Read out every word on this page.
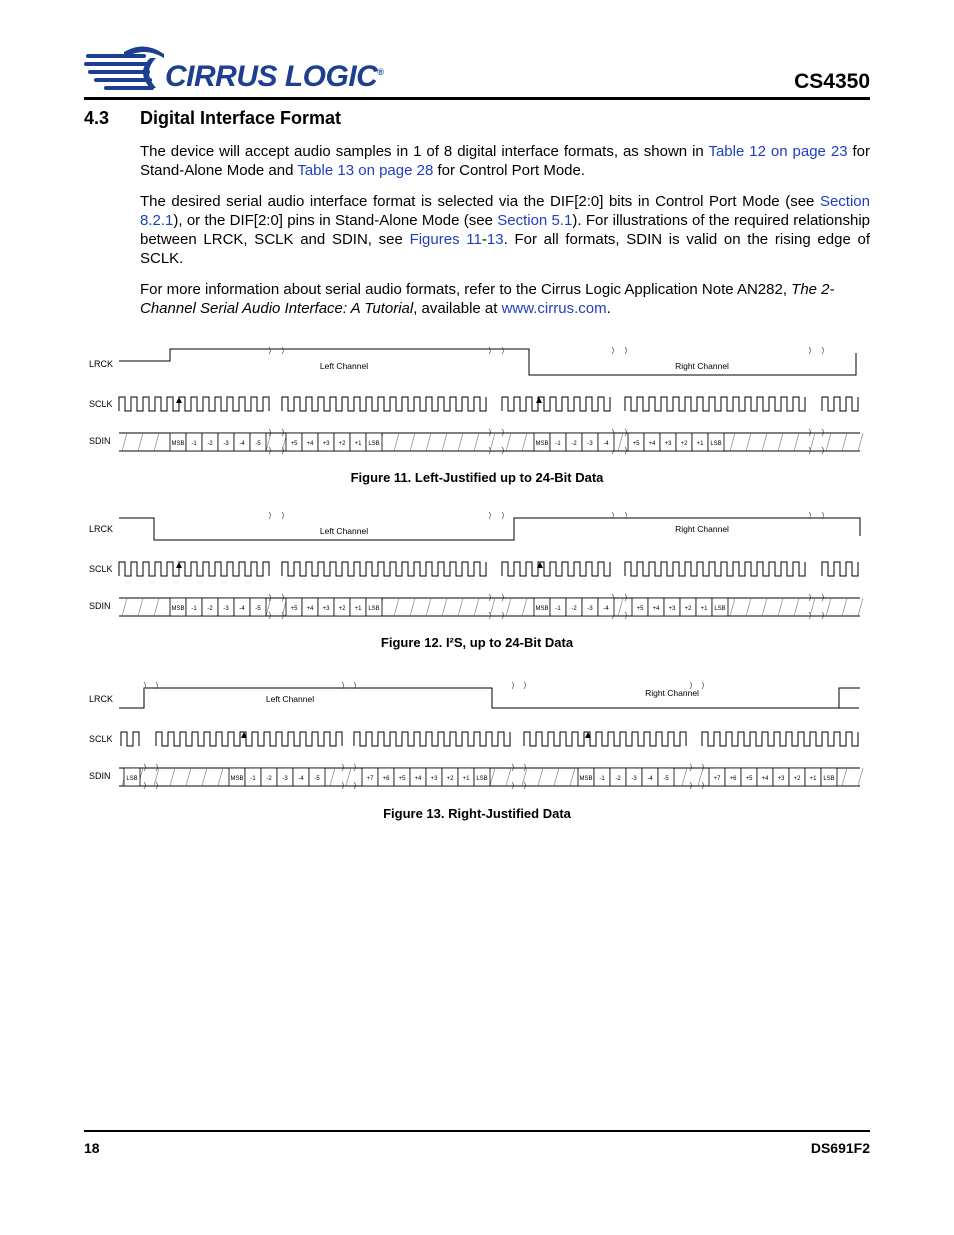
CIRRUS LOGIC®	CS4350
4.3 Digital Interface Format
The device will accept audio samples in 1 of 8 digital interface formats, as shown in Table 12 on page 23 for Stand-Alone Mode and Table 13 on page 28 for Control Port Mode.
The desired serial audio interface format is selected via the DIF[2:0] bits in Control Port Mode (see Section 8.2.1), or the DIF[2:0] pins in Stand-Alone Mode (see Section 5.1). For illustrations of the required relationship between LRCK, SCLK and SDIN, see Figures 11-13. For all formats, SDIN is valid on the rising edge of SCLK.
For more information about serial audio formats, refer to the Cirrus Logic Application Note AN282, The 2-Channel Serial Audio Interface: A Tutorial, available at www.cirrus.com.
LRCK
SCLK
SDIN
Left Channel	Right Channel
MSB -1 -2 -3 -4 -5	+5 +4 +3 +2 +1 LSB	MSB -1 -2 -3 -4	+5 +4 +3 +2 +1 LSB
Figure 11. Left-Justified up to 24-Bit Data
LRCK
SCLK
SDIN
Left Channel	Right Channel
MSB -1 -2 -3 -4 -5	+5 +4 +3 +2 +1 LSB	MSB -1 -2 -3 -4	+5 +4 +3 +2 +1 LSB
Figure 12. I²S, up to 24-Bit Data
LRCK
SCLK
SDIN
Left Channel
Right Channel
LSB	MSB -1 -2 -3 -4 -5	+7 +6 +5 +4 +3 +2 +1 LSB	MSB -1 -2 -3 -4 -5	+7 +6 +5 +4 +3 +2 +1 LSB
Figure 13. Right-Justified Data
18	DS691F2
